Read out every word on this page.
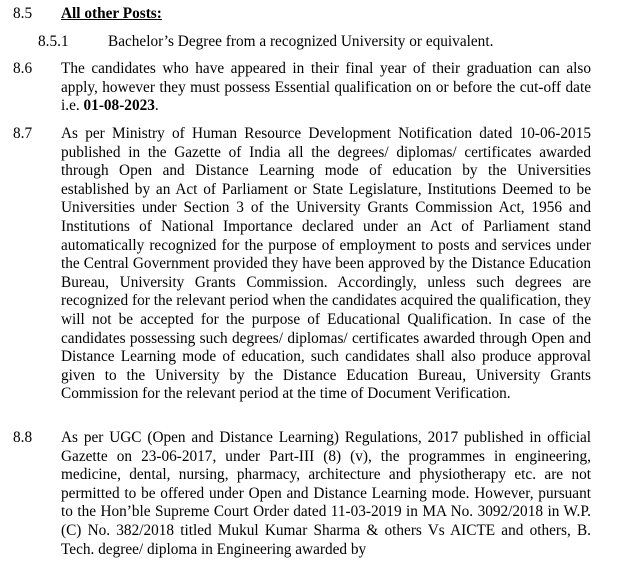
8.5 All other Posts:
8.5.1	Bachelor’s Degree from a recognized University or equivalent.
8.6 The candidates who have appeared in their final year of their graduation can also apply, however they must possess Essential qualification on or before the cut-off date i.e. 01-08-2023.
8.7 As per Ministry of Human Resource Development Notification dated 10-06-2015 published in the Gazette of India all the degrees/ diplomas/ certificates awarded through Open and Distance Learning mode of education by the Universities established by an Act of Parliament or State Legislature, Institutions Deemed to be Universities under Section 3 of the University Grants Commission Act, 1956 and Institutions of National Importance declared under an Act of Parliament stand automatically recognized for the purpose of employment to posts and services under the Central Government provided they have been approved by the Distance Education Bureau, University Grants Commission. Accordingly, unless such degrees are recognized for the relevant period when the candidates acquired the qualification, they will not be accepted for the purpose of Educational Qualification. In case of the candidates possessing such degrees/ diplomas/ certificates awarded through Open and Distance Learning mode of education, such candidates shall also produce approval given to the University by the Distance Education Bureau, University Grants Commission for the relevant period at the time of Document Verification.
8.8 As per UGC (Open and Distance Learning) Regulations, 2017 published in official Gazette on 23-06-2017, under Part-III (8) (v), the programmes in engineering, medicine, dental, nursing, pharmacy, architecture and physiotherapy etc. are not permitted to be offered under Open and Distance Learning mode. However, pursuant to the Hon’ble Supreme Court Order dated 11-03-2019 in MA No. 3092/2018 in W.P. (C) No. 382/2018 titled Mukul Kumar Sharma & others Vs AICTE and others, B. Tech. degree/ diploma in Engineering awarded by
